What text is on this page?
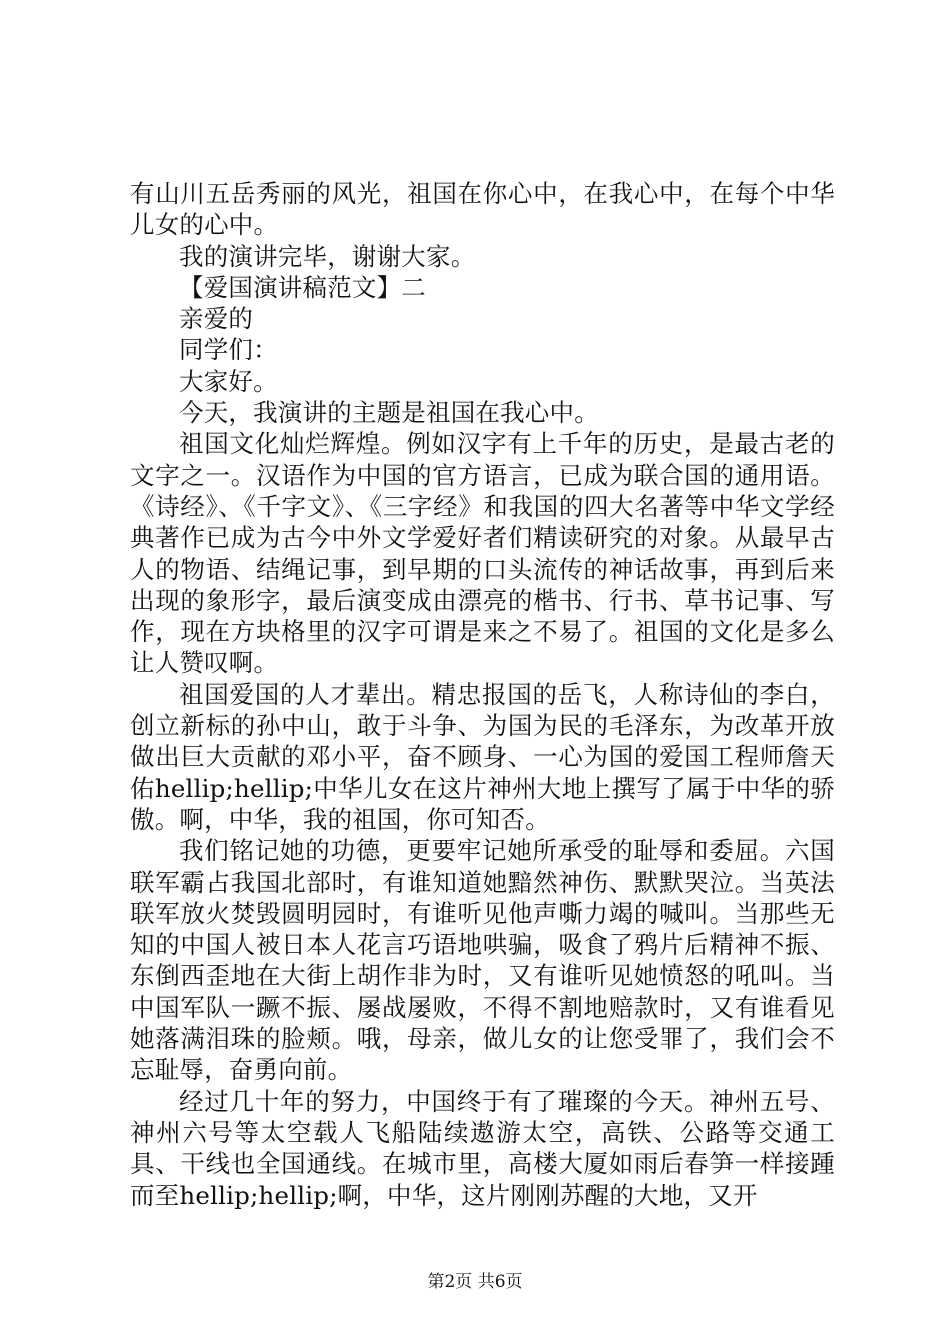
有山川五岳秀丽的风光，祖国在你心中，在我心中，在每个中华儿女的心中。

我的演讲完毕，谢谢大家。

【爱国演讲稿范文】二

亲爱的

同学们：

大家好。

今天，我演讲的主题是祖国在我心中。

祖国文化灿烂辉煌。例如汉字有上千年的历史，是最古老的文字之一。汉语作为中国的官方语言，已成为联合国的通用语。《诗经》、《千字文》、《三字经》和我国的四大名著等中华文学经典著作已成为古今中外文学爱好者们精读研究的对象。从最早古人的物语、结绳记事，到早期的口头流传的神话故事，再到后来出现的象形字，最后演变成由漂亮的楷书、行书、草书记事、写作，现在方块格里的汉字可谓是来之不易了。祖国的文化是多么让人赞叹啊。

祖国爱国的人才辈出。精忠报国的岳飞，人称诗仙的李白，创立新标的孙中山，敢于斗争、为国为民的毛泽东，为改革开放做出巨大贡献的邓小平，奋不顾身、一心为国的爱国工程师詹天佑hellip;hellip;中华儿女在这片神州大地上撰写了属于中华的骄傲。啊，中华，我的祖国，你可知否。

我们铭记她的功德，更要牢记她所承受的耻辱和委屈。六国联军霸占我国北部时，有谁知道她黯然神伤、默默哭泣。当英法联军放火焚毁圆明园时，有谁听见他声嘶力竭的喊叫。当那些无知的中国人被日本人花言巧语地哄骗，吸食了鸦片后精神不振、东倒西歪地在大街上胡作非为时，又有谁听见她愤怒的吼叫。当中国军队一蹶不振、屡战屡败，不得不割地赔款时，又有谁看见她落满泪珠的脸颊。哦，母亲，做儿女的让您受罪了，我们会不忘耻辱，奋勇向前。

经过几十年的努力，中国终于有了璀璨的今天。神州五号、神州六号等太空载人飞船陆续遨游太空，高铁、公路等交通工具、干线也全国通线。在城市里，高楼大厦如雨后春笋一样接踵而至hellip;hellip;啊，中华，这片刚刚苏醒的大地，又开

第2页 共6页
